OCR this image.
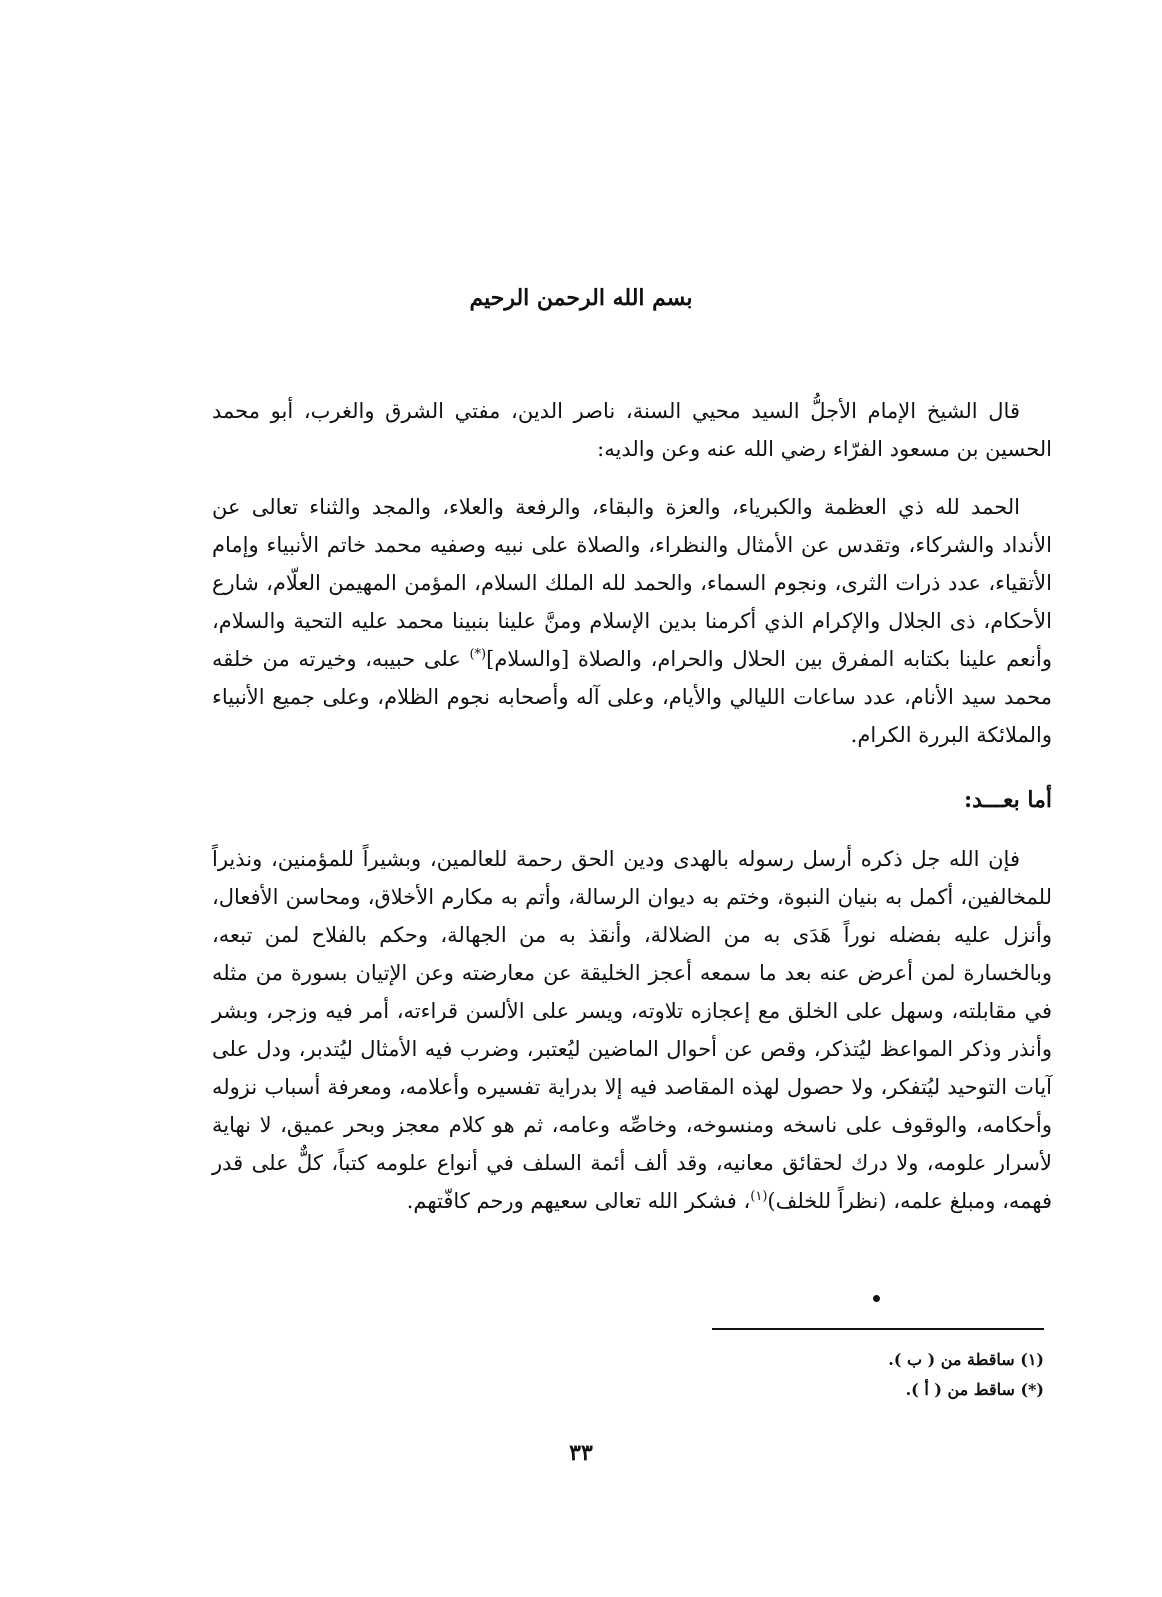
بسم الله الرحمن الرحيم
قال الشيخ الإمام الأجلُّ السيد محيي السنة، ناصر الدين، مفتي الشرق والغرب، أبو محمد الحسين بن مسعود الفرّاء رضي الله عنه وعن والديه:
الحمد لله ذي العظمة والكبرياء، والعزة والبقاء، والرفعة والعلاء، والمجد والثناء تعالى عن الأنداد والشركاء، وتقدس عن الأمثال والنظراء، والصلاة على نبيه وصفيه محمد خاتم الأنبياء وإمام الأتقياء، عدد ذرات الثرى، ونجوم السماء، والحمد لله الملك السلام، المؤمن المهيمن العلّام، شارع الأحكام، ذى الجلال والإكرام الذي أكرمنا بدين الإسلام ومنَّ علينا بنبينا محمد عليه التحية والسلام، وأنعم علينا بكتابه المفرق بين الحلال والحرام، والصلاة [والسلام](*) على حبيبه، وخيرته من خلقه محمد سيد الأنام، عدد ساعات الليالي والأيام، وعلى آله وأصحابه نجوم الظلام، وعلى جميع الأنبياء والملائكة البررة الكرام.
أما بعـــد:
فإن الله جل ذكره أرسل رسوله بالهدى ودين الحق رحمة للعالمين، وبشيراً للمؤمنين، ونذيراً للمخالفين، أكمل به بنيان النبوة، وختم به ديوان الرسالة، وأتم به مكارم الأخلاق، ومحاسن الأفعال، وأنزل عليه بفضله نوراً هَدَى به من الضلالة، وأنقذ به من الجهالة، وحكم بالفلاح لمن تبعه، وبالخسارة لمن أعرض عنه بعد ما سمعه أعجز الخليقة عن معارضته وعن الإتيان بسورة من مثله في مقابلته، وسهل على الخلق مع إعجازه تلاوته، ويسر على الألسن قراءته، أمر فيه وزجر، وبشر وأنذر وذكر المواعظ ليُتذكر، وقص عن أحوال الماضين ليُعتبر، وضرب فيه الأمثال ليُتدبر، ودل على آيات التوحيد ليُتفكر، ولا حصول لهذه المقاصد فيه إلا بدراية تفسيره وأعلامه، ومعرفة أسباب نزوله وأحكامه، والوقوف على ناسخه ومنسوخه، وخاصِّه وعامه، ثم هو كلام معجز وبحر عميق، لا نهاية لأسرار علومه، ولا درك لحقائق معانيه، وقد ألف أئمة السلف في أنواع علومه كتباً، كلٌّ على قدر فهمه، ومبلغ علمه، (نظراً للخلف)$^{(١)}$، فشكر الله تعالى سعيهم ورحم كافّتهم.
(١) ساقطة من ( ب ).
(*) ساقط من ( أ ).
٣٣
